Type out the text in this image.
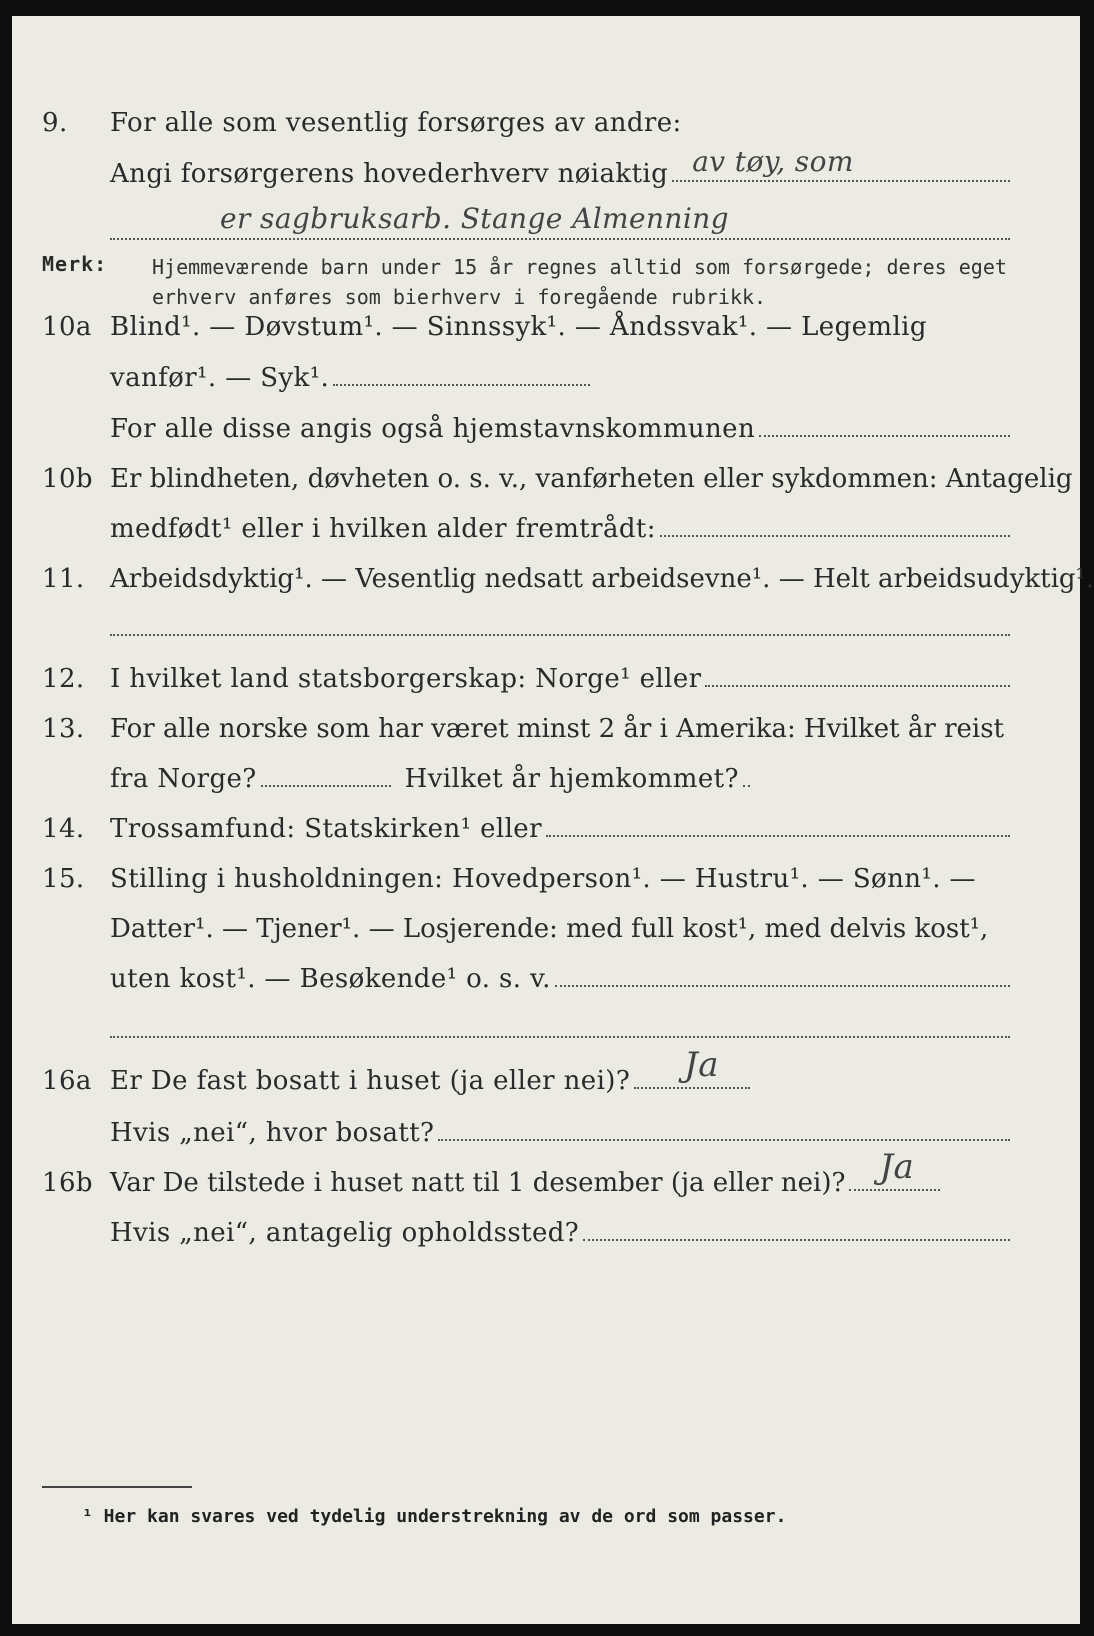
9. For alle som vesentlig forsørges av andre:
Angi forsørgerens hovederhverv nøiaktig av tøy, som
er sagbruksarb. Stange Almenning
Merk: Hjemmeværende barn under 15 år regnes alltid som forsørgede; deres eget erhverv anføres som bierhverv i foregående rubrikk.
10a Blind¹. — Døvstum¹. — Sinnssyk¹. — Åndssvak¹. — Legemlig
vanfør¹. — Syk¹.
For alle disse angis også hjemstavnskommunen
10b Er blindheten, døvheten o. s. v., vanførheten eller sykdommen: Antagelig
medfødt¹ eller i hvilken alder fremtrådt:
11. Arbeidsdyktig¹. — Vesentlig nedsatt arbeidsevne¹. — Helt arbeidsudyktig¹.
12. I hvilket land statsborgerskap: Norge¹ eller
13. For alle norske som har været minst 2 år i Amerika: Hvilket år reist
fra Norge?	Hvilket år hjemkommet?
14. Trossamfund: Statskirken¹ eller
15. Stilling i husholdningen: Hovedperson¹. — Hustru¹. — Sønn¹. —
Datter¹. — Tjener¹. — Losjerende: med full kost¹, med delvis kost¹,
uten kost¹. — Besøkende¹ o. s. v.
16a Er De fast bosatt i huset (ja eller nei)? Ja
Hvis „nei“, hvor bosatt?
16b Var De tilstede i huset natt til 1 desember (ja eller nei)? Ja
Hvis „nei“, antagelig opholdssted?
¹ Her kan svares ved tydelig understrekning av de ord som passer.
